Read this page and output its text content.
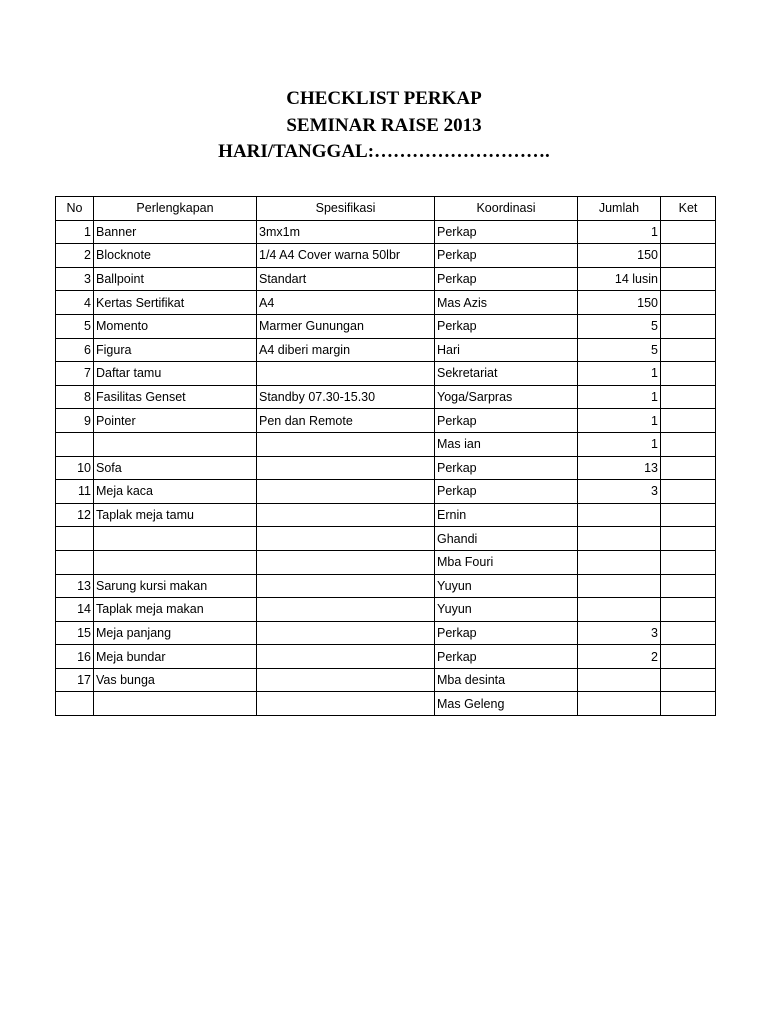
CHECKLIST PERKAP
SEMINAR RAISE 2013
HARI/TANGGAL:……………………….
No	Perlengkapan	Spesifikasi	Koordinasi	Jumlah	Ket
1	Banner	3mx1m	Perkap	1	
2	Blocknote	1/4 A4 Cover warna 50lbr	Perkap	150	
3	Ballpoint	Standart	Perkap	14 lusin	
4	Kertas Sertifikat	A4	Mas Azis	150	
5	Momento	Marmer Gunungan	Perkap	5	
6	Figura	A4 diberi margin	Hari	5	
7	Daftar tamu		Sekretariat	1	
8	Fasilitas Genset	Standby 07.30-15.30	Yoga/Sarpras	1	
9	Pointer	Pen dan Remote	Perkap	1	
			Mas ian	1	
10	Sofa		Perkap	13	
11	Meja kaca		Perkap	3	
12	Taplak meja tamu		Ernin		
			Ghandi		
			Mba Fouri		
13	Sarung kursi makan		Yuyun		
14	Taplak meja makan		Yuyun		
15	Meja panjang		Perkap	3	
16	Meja bundar		Perkap	2	
17	Vas bunga		Mba desinta		
			Mas Geleng		
